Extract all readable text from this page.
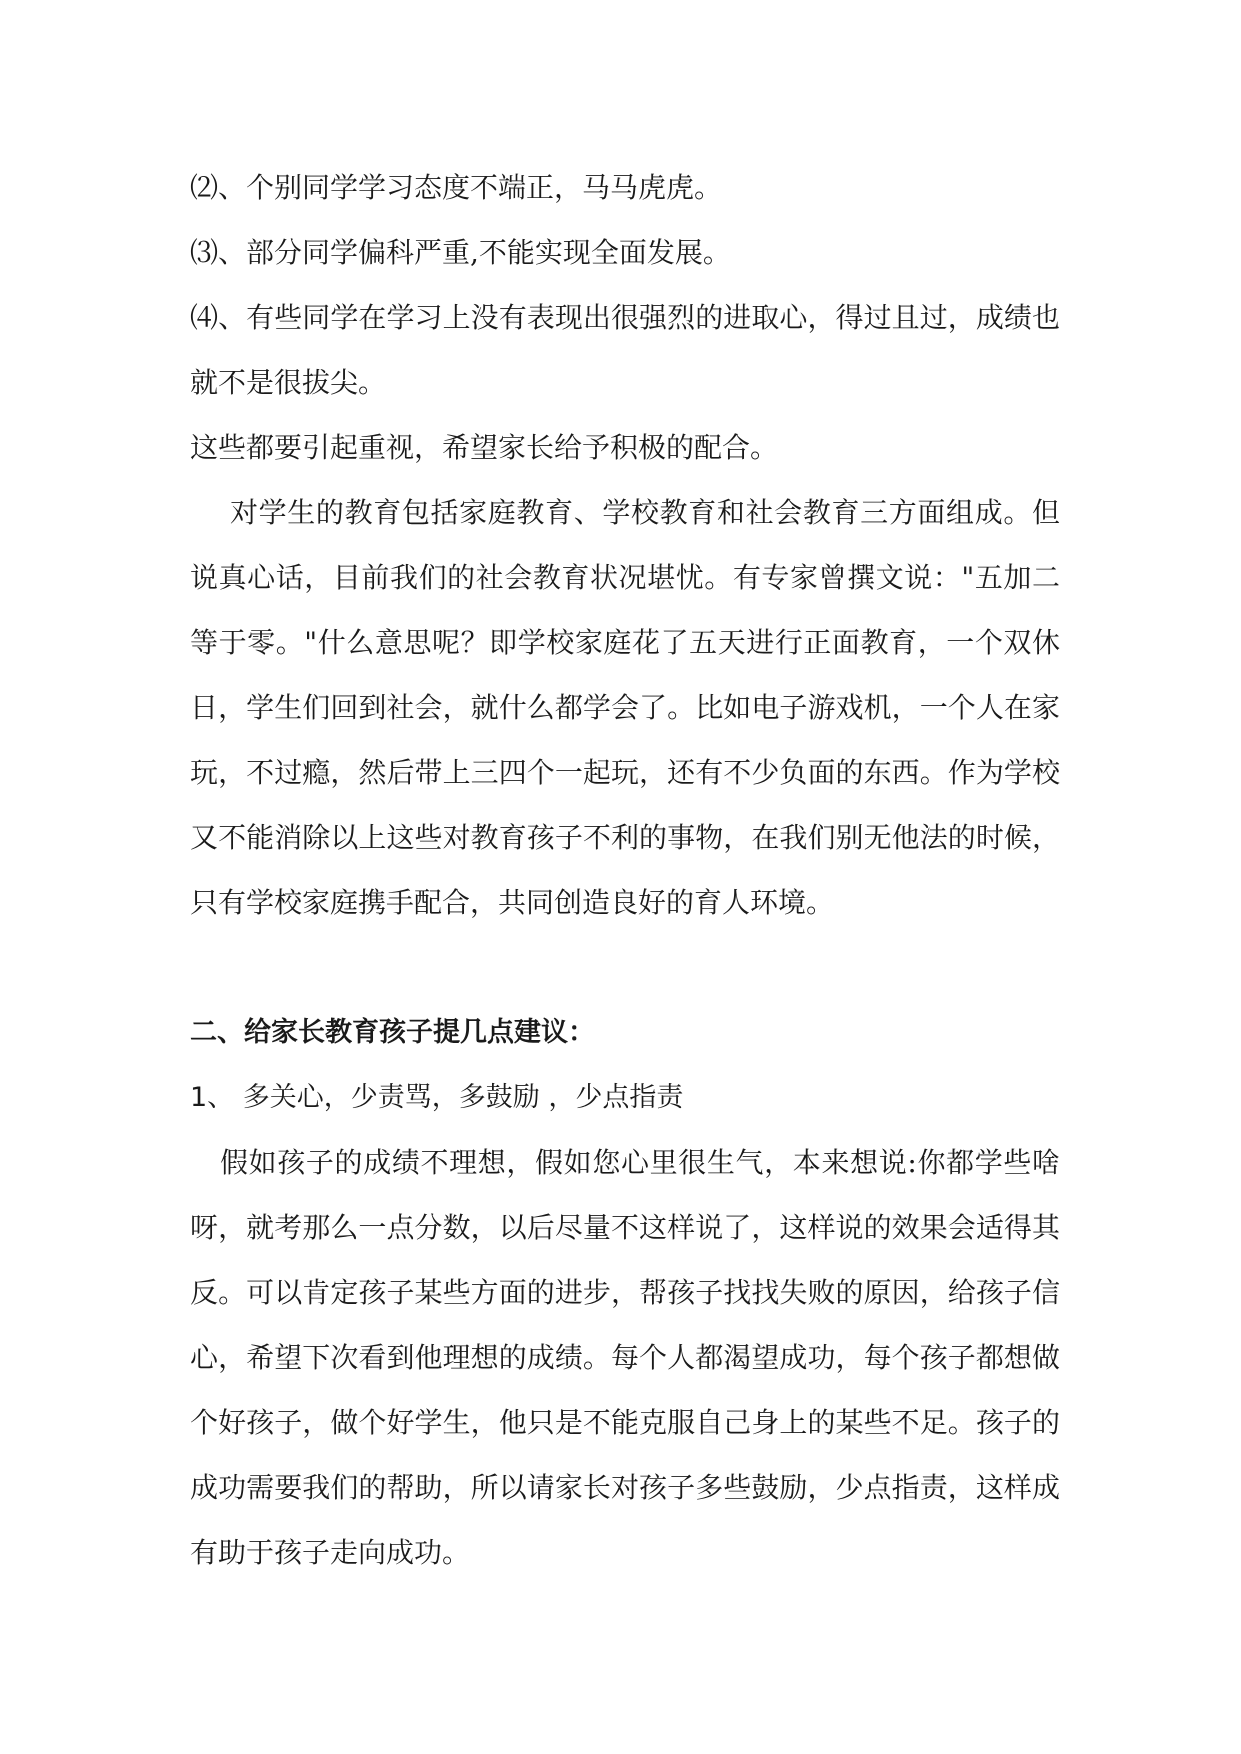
⑵、个别同学学习态度不端正，马马虎虎。

⑶、部分同学偏科严重,不能实现全面发展。

⑷、有些同学在学习上没有表现出很强烈的进取心，得过且过，成绩也就不是很拔尖。

这些都要引起重视，希望家长给予积极的配合。

对学生的教育包括家庭教育、学校教育和社会教育三方面组成。但说真心话，目前我们的社会教育状况堪忧。有专家曾撰文说："五加二等于零。"什么意思呢？即学校家庭花了五天进行正面教育，一个双休日，学生们回到社会，就什么都学会了。比如电子游戏机，一个人在家玩，不过瘾，然后带上三四个一起玩，还有不少负面的东西。作为学校又不能消除以上这些对教育孩子不利的事物，在我们别无他法的时候，只有学校家庭携手配合，共同创造良好的育人环境。

二、给家长教育孩子提几点建议：

1、 多关心，少责骂，多鼓励 ，少点指责

假如孩子的成绩不理想，假如您心里很生气，本来想说:你都学些啥呀，就考那么一点分数，以后尽量不这样说了，这样说的效果会适得其反。可以肯定孩子某些方面的进步，帮孩子找找失败的原因，给孩子信心，希望下次看到他理想的成绩。每个人都渴望成功，每个孩子都想做个好孩子，做个好学生，他只是不能克服自己身上的某些不足。孩子的成功需要我们的帮助，所以请家长对孩子多些鼓励，少点指责，这样成有助于孩子走向成功。
